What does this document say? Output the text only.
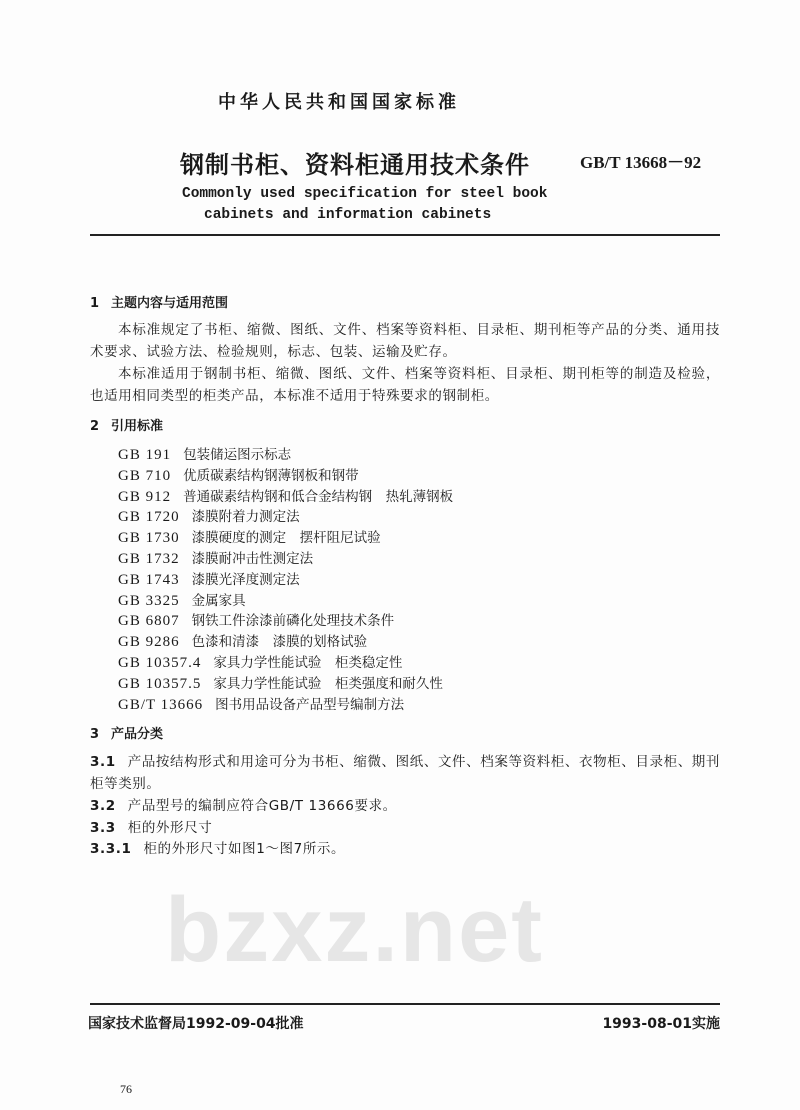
bzxz.net
中华人民共和国国家标准
钢制书柜、资料柜通用技术条件	GB/T 13668－92
Commonly used specification for steel book
cabinets and information cabinets
1 主题内容与适用范围
本标准规定了书柜、缩微、图纸、文件、档案等资料柜、目录柜、期刊柜等产品的分类、通用技术要求、试验方法、检验规则，标志、包装、运输及贮存。
本标准适用于钢制书柜、缩微、图纸、文件、档案等资料柜、目录柜、期刊柜等的制造及检验，也适用相同类型的柜类产品，本标准不适用于特殊要求的钢制柜。
2 引用标准
GB 191 包装储运图示标志
GB 710 优质碳素结构钢薄钢板和钢带
GB 912 普通碳素结构钢和低合金结构钢　热轧薄钢板
GB 1720 漆膜附着力测定法
GB 1730 漆膜硬度的测定　摆杆阻尼试验
GB 1732 漆膜耐冲击性测定法
GB 1743 漆膜光泽度测定法
GB 3325 金属家具
GB 6807 钢铁工件涂漆前磷化处理技术条件
GB 9286 色漆和清漆　漆膜的划格试验
GB 10357.4 家具力学性能试验　柜类稳定性
GB 10357.5 家具力学性能试验　柜类强度和耐久性
GB/T 13666 图书用品设备产品型号编制方法
3 产品分类
3.1 产品按结构形式和用途可分为书柜、缩微、图纸、文件、档案等资料柜、衣物柜、目录柜、期刊柜等类别。
3.2 产品型号的编制应符合GB/T 13666要求。
3.3 柜的外形尺寸
3.3.1 柜的外形尺寸如图1～图7所示。
国家技术监督局1992-09-04批准	1993-08-01实施
76
